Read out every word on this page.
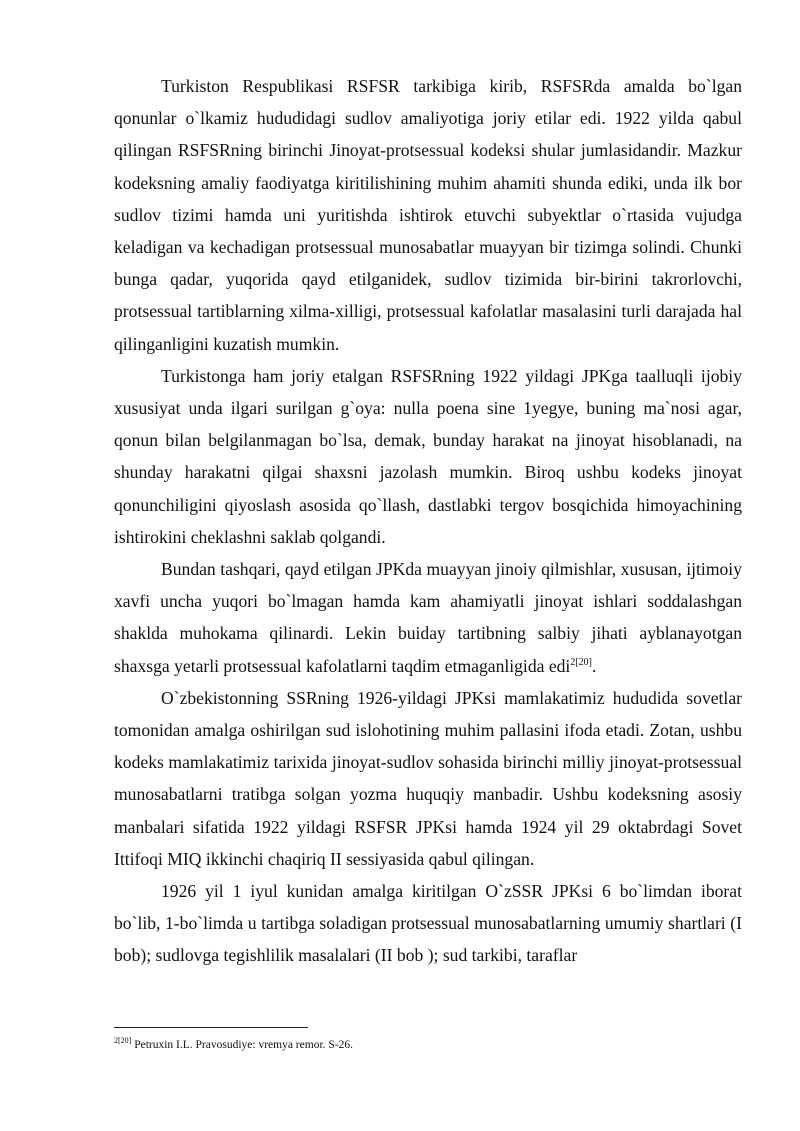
Turkiston Respublikasi RSFSR tarkibiga kirib, RSFSRda amalda bo`lgan qonunlar o`lkamiz hududidagi sudlov amaliyotiga joriy etilar edi. 1922 yilda qabul qilingan RSFSRning birinchi Jinoyat-protsessual kodeksi shular jumlasidandir. Mazkur kodeksning amaliy faodiyatga kiritilishining muhim ahamiti shunda ediki, unda ilk bor sudlov tizimi hamda uni yuritishda ishtirok etuvchi subyektlar o`rtasida vujudga keladigan va kechadigan protsessual munosabatlar muayyan bir tizimga solindi. Chunki bunga qadar, yuqorida qayd etilganidek, sudlov tizimida bir-birini takrorlovchi, protsessual tartiblarning xilma-xilligi, protsessual kafolatlar masalasini turli darajada hal qilinganligini kuzatish mumkin.

Turkistonga ham joriy etalgan RSFSRning 1922 yildagi JPKga taalluqli ijobiy xususiyat unda ilgari surilgan g`oya: nulla poena sine 1yegye, buning ma`nosi agar, qonun bilan belgilanmagan bo`lsa, demak, bunday harakat na jinoyat hisoblanadi, na shunday harakatni qilgai shaxsni jazolash mumkin. Biroq ushbu kodeks jinoyat qonunchiligini qiyoslash asosida qo`llash, dastlabki tergov bosqichida himoyachining ishtirokini cheklashni saklab qolgandi.

Bundan tashqari, qayd etilgan JPKda muayyan jinoiy qilmishlar, xususan, ijtimoiy xavfi uncha yuqori bo`lmagan hamda kam ahamiyatli jinoyat ishlari soddalashgan shaklda muhokama qilinardi. Lekin buiday tartibning salbiy jihati ayblanayotgan shaxsga yetarli protsessual kafolatlarni taqdim etmaganligida edi$^{2[20]}$.

O`zbekistonning SSRning 1926-yildagi JPKsi mamlakatimiz hududida sovetlar tomonidan amalga oshirilgan sud islohotining muhim pallasini ifoda etadi. Zotan, ushbu kodeks mamlakatimiz tarixida jinoyat-sudlov sohasida birinchi milliy jinoyat-protsessual munosabatlarni tratibga solgan yozma huquqiy manbadir. Ushbu kodeksning asosiy manbalari sifatida 1922 yildagi RSFSR JPKsi hamda 1924 yil 29 oktabrdagi Sovet Ittifoqi MIQ ikkinchi chaqiriq II sessiyasida qabul qilingan.

1926 yil 1 iyul kunidan amalga kiritilgan O`zSSR JPKsi 6 bo`limdan iborat bo`lib, 1-bo`limda u tartibga soladigan protsessual munosabatlarning umumiy shartlari (I bob); sudlovga tegishlilik masalalari (II bob ); sud tarkibi, taraflar

$^{2[20]}$ Petruxin I.L. Pravosudiye: vremya remor. S-26.
